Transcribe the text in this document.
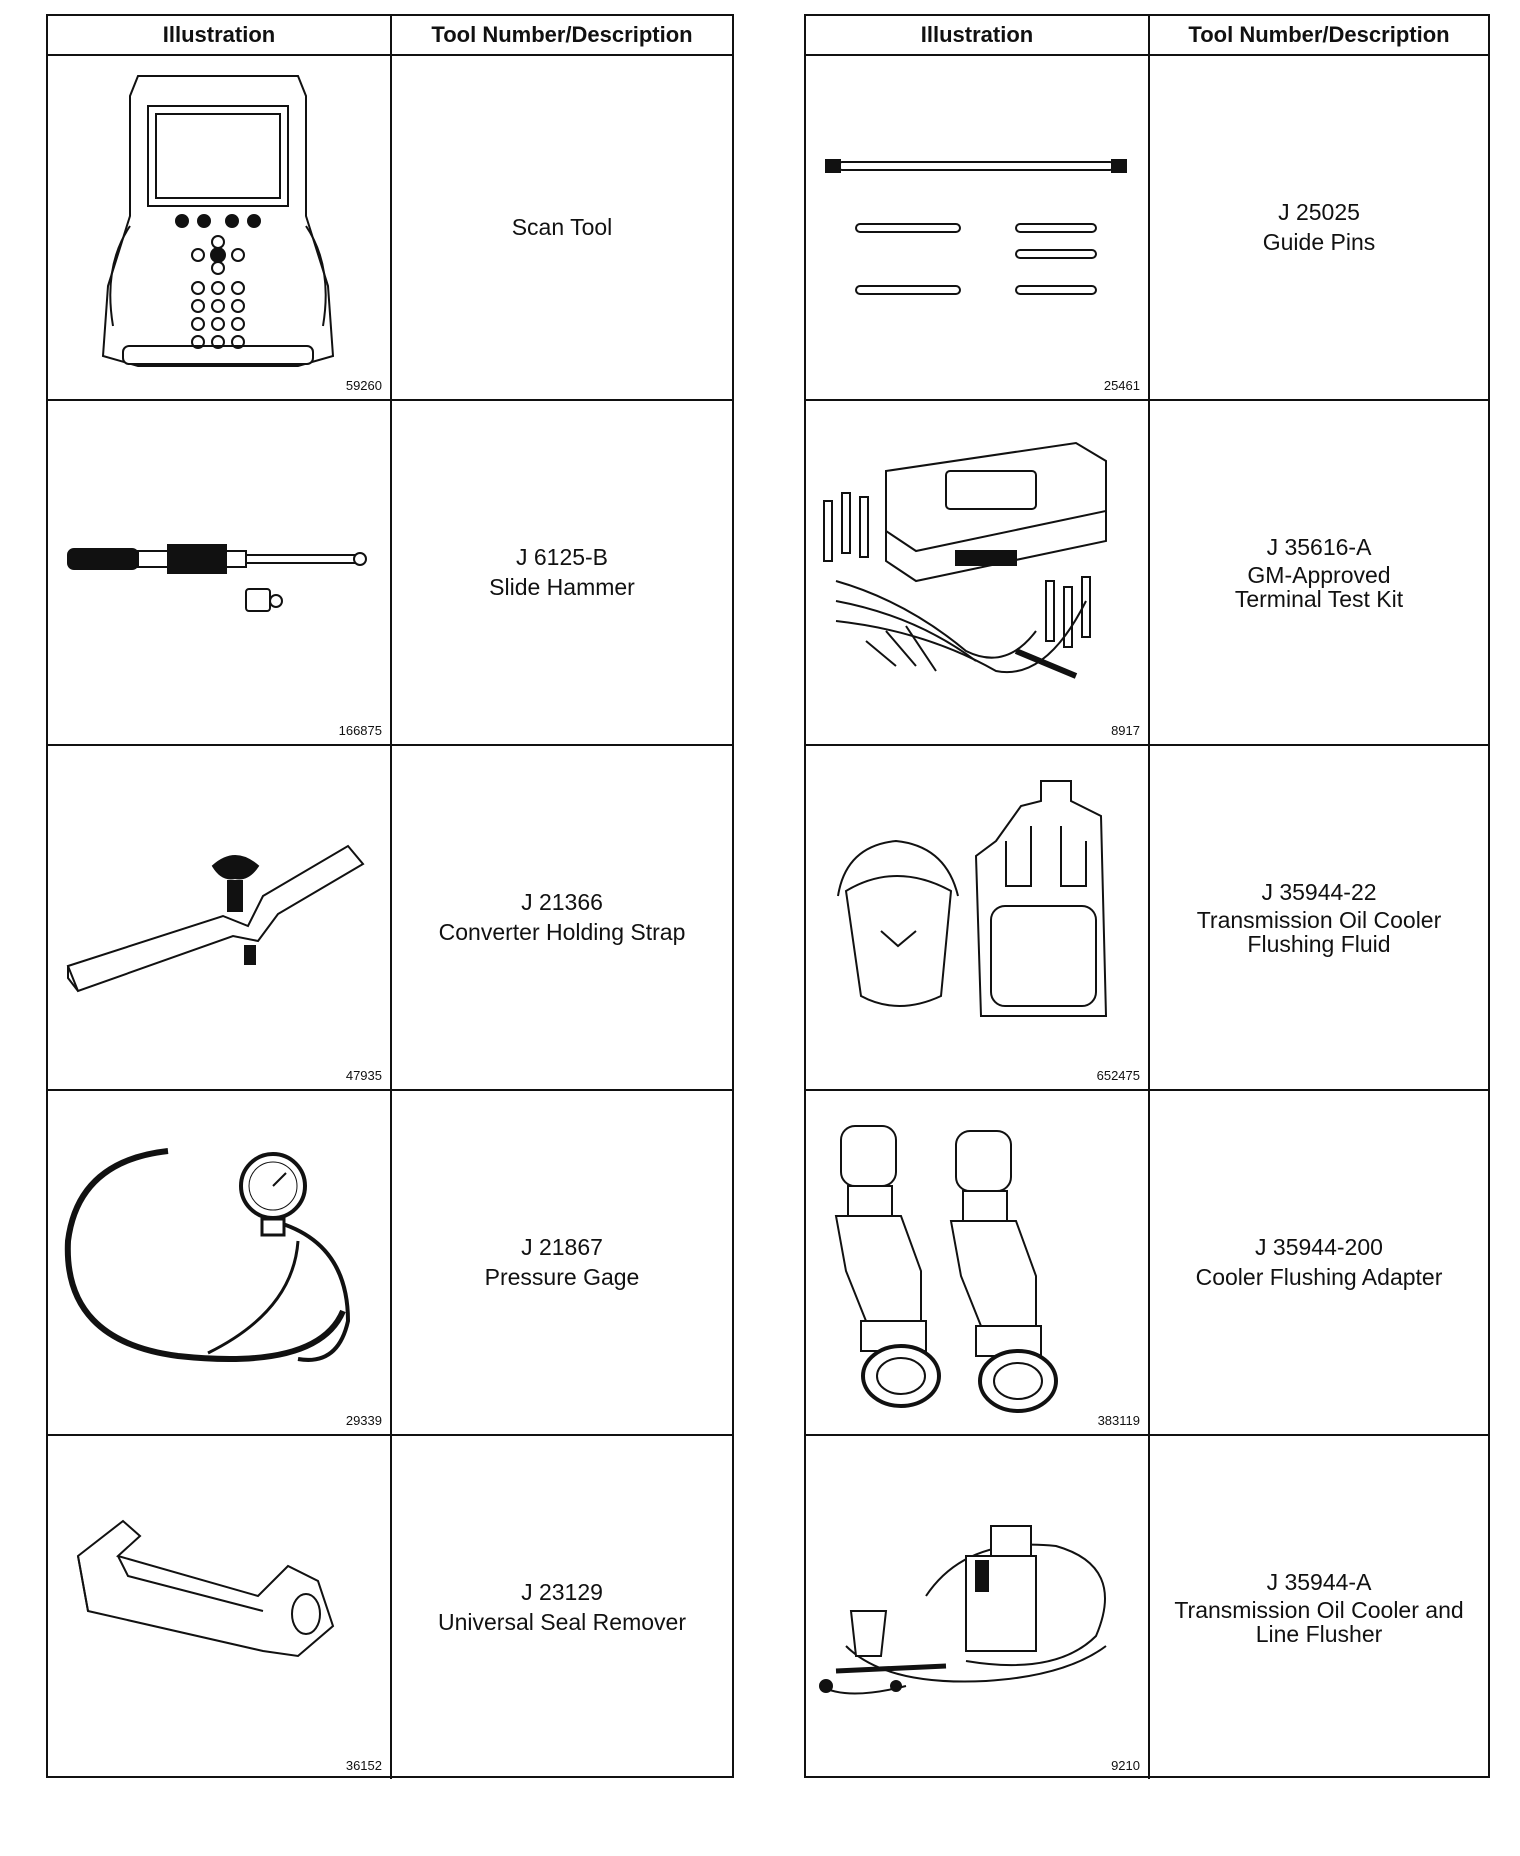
Illustration	Tool Number/Description
59260
Scan Tool
166875
J 6125-B
Slide Hammer
47935
J 21366
Converter Holding Strap
29339
J 21867
Pressure Gage
36152
J 23129
Universal Seal Remover
Illustration	Tool Number/Description
25461
J 25025
Guide Pins
8917
J 35616-A
GM-Approved
Terminal Test Kit
652475
J 35944-22
Transmission Oil Cooler
Flushing Fluid
383119
J 35944-200
Cooler Flushing Adapter
9210
J 35944-A
Transmission Oil Cooler and
Line Flusher
